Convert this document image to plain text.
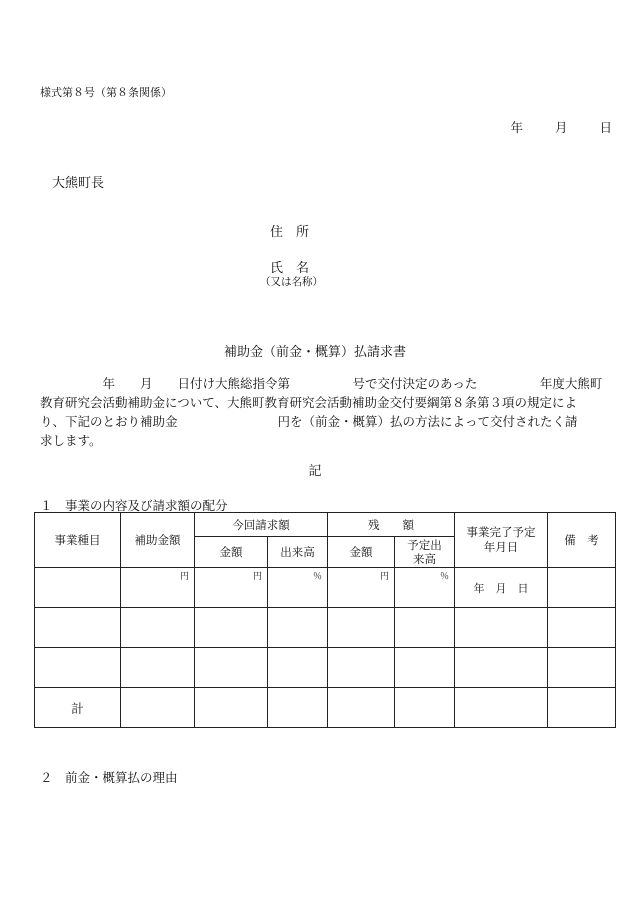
様式第８号（第８条関係）
年	月	日
大熊町長
住　所
氏　名
（又は名称）
補助金（前金・概算）払請求書
　　　　　年　　月　　日付け大熊総指令第　　　　　号で交付決定のあった　　　　　年度大熊町
教育研究会活動補助金について、大熊町教育研究会活動補助金交付要綱第８条第３項の規定によ
り、下記のとおり補助金　　　　　　　　円を（前金・概算）払の方法によって交付されたく請
求します。
記
１　事業の内容及び請求額の配分
事業種目	補助金額	今回請求額		残　　額		事業完了予定年月日	備　考
		金額	出来高	金額	予定出来高		

	円	円	％	円	％	年　月　日	

計							
２　前金・概算払の理由
